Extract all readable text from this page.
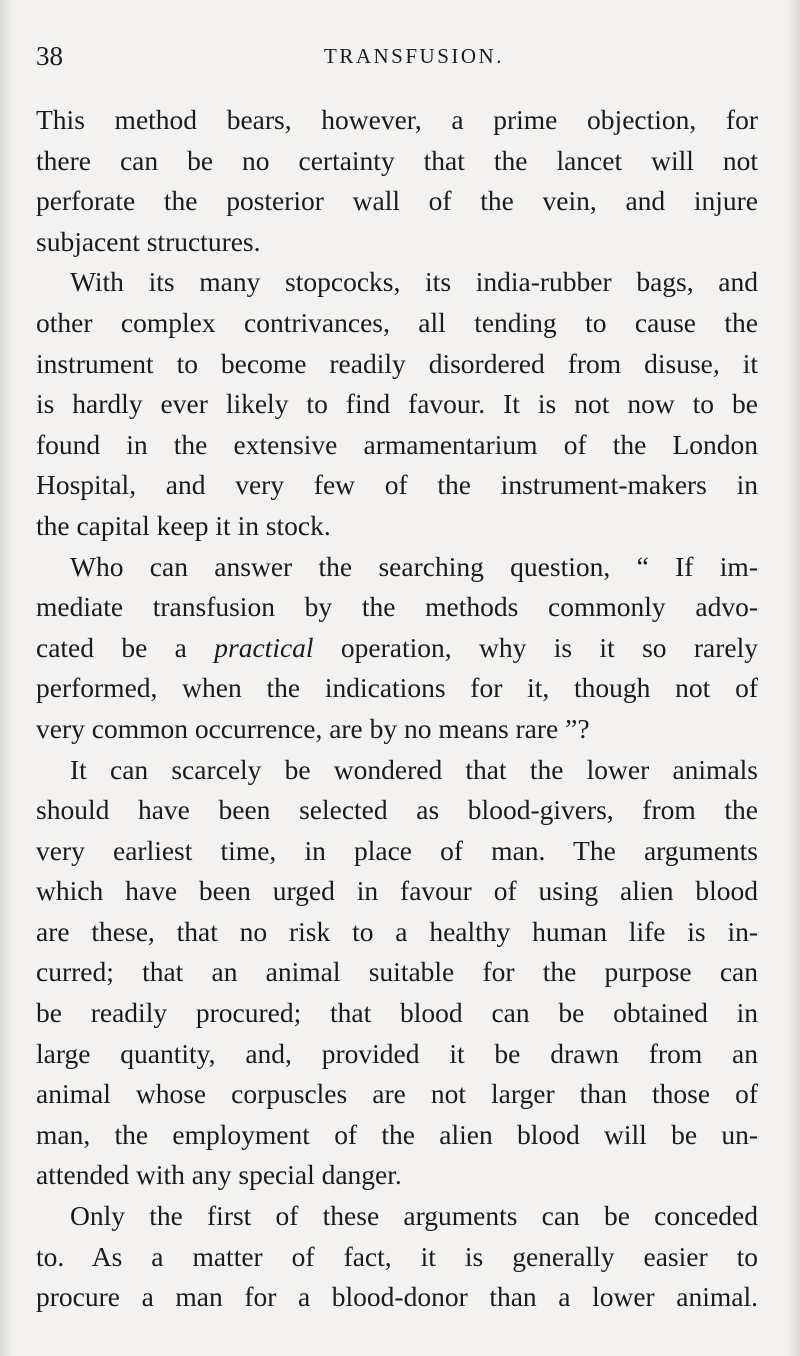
38	TRANSFUSION.
This method bears, however, a prime objection, for
there can be no certainty that the lancet will not
perforate the posterior wall of the vein, and injure
subjacent structures.
With its many stopcocks, its india-rubber bags, and
other complex contrivances, all tending to cause the
instrument to become readily disordered from disuse, it
is hardly ever likely to find favour. It is not now to be
found in the extensive armamentarium of the London
Hospital, and very few of the instrument-makers in
the capital keep it in stock.
Who can answer the searching question, “ If im-
mediate transfusion by the methods commonly advo-
cated be a practical operation, why is it so rarely
performed, when the indications for it, though not of
very common occurrence, are by no means rare ”?
It can scarcely be wondered that the lower animals
should have been selected as blood-givers, from the
very earliest time, in place of man. The arguments
which have been urged in favour of using alien blood
are these, that no risk to a healthy human life is in-
curred; that an animal suitable for the purpose can
be readily procured; that blood can be obtained in
large quantity, and, provided it be drawn from an
animal whose corpuscles are not larger than those of
man, the employment of the alien blood will be un-
attended with any special danger.
Only the first of these arguments can be conceded
to. As a matter of fact, it is generally easier to
procure a man for a blood-donor than a lower animal.
